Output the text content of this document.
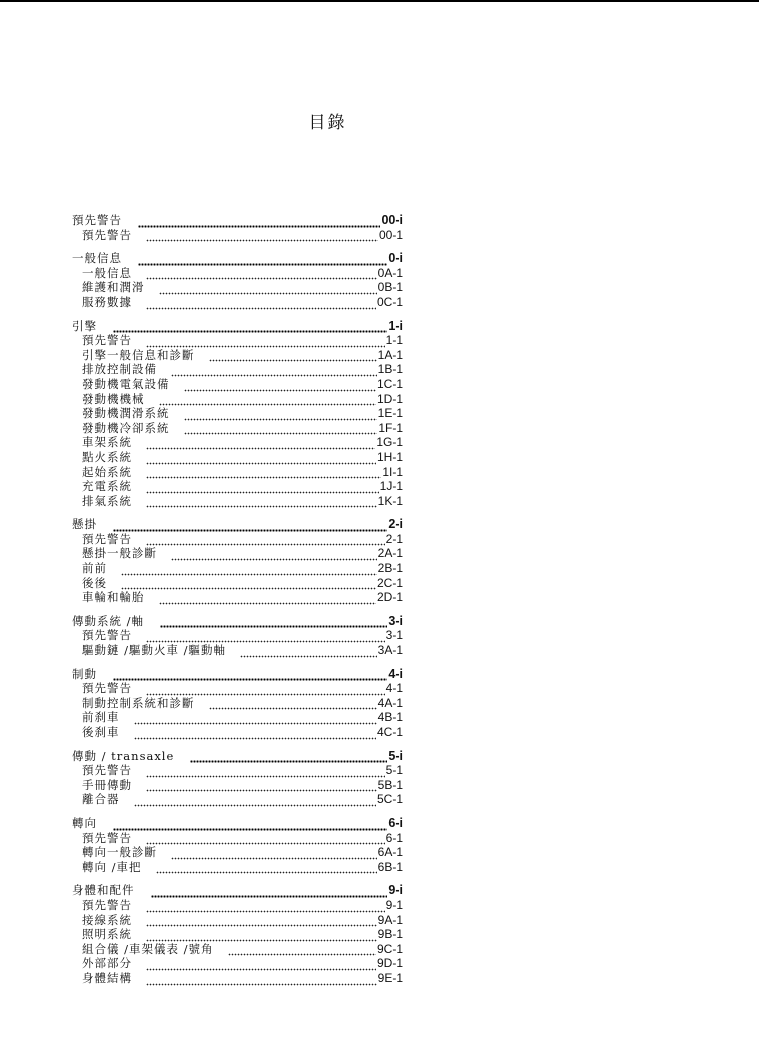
目錄
預先警告	00-i
預先警告	00-1
一般信息	0-i
一般信息	0A-1
維護和潤滑	0B-1
服務數據	0C-1
引擎	1-i
預先警告	1-1
引擎一般信息和診斷	1A-1
排放控制設備	1B-1
發動機電氣設備	1C-1
發動機機械	1D-1
發動機潤滑系統	1E-1
發動機冷卻系統	1F-1
車架系統	1G-1
點火系統	1H-1
起始系統	1I-1
充電系統	1J-1
排氣系統	1K-1
懸掛	2-i
預先警告	2-1
懸掛一般診斷	2A-1
前前	2B-1
後後	2C-1
車輪和輪胎	2D-1
傳動系統 /軸	3-i
預先警告	3-1
驅動鏈 /驅動火車 /驅動軸	3A-1
制動	4-i
預先警告	4-1
制動控制系統和診斷	4A-1
前刹車	4B-1
後刹車	4C-1
傳動 / transaxle	5-i
預先警告	5-1
手冊傳動	5B-1
離合器	5C-1
轉向	6-i
預先警告	6-1
轉向一般診斷	6A-1
轉向 /車把	6B-1
身體和配件	9-i
預先警告	9-1
接線系統	9A-1
照明系統	9B-1
組合儀 /車架儀表 /號角	9C-1
外部部分	9D-1
身體結構	9E-1
